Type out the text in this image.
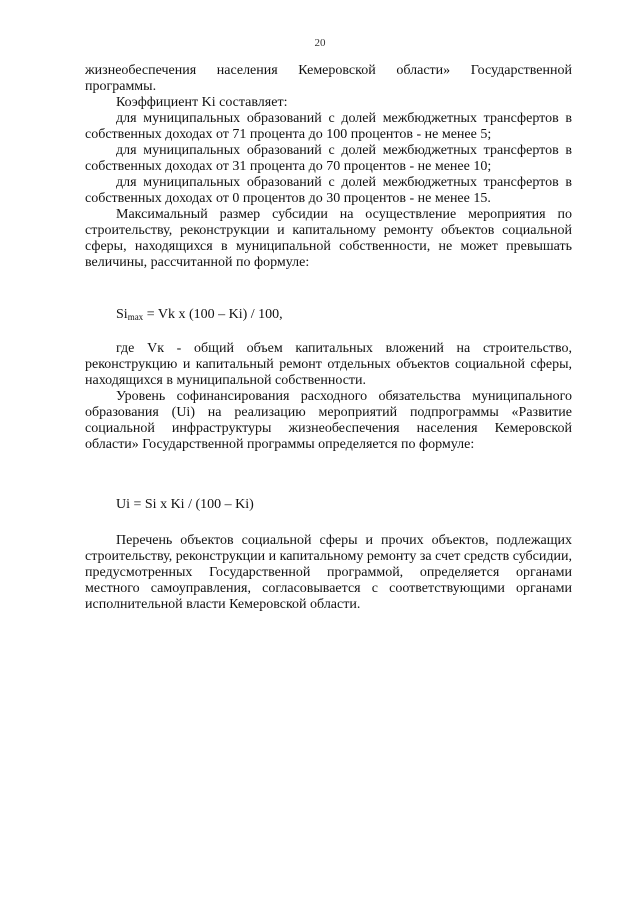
20

жизнеобеспечения населения Кемеровской области» Государственной программы.

Коэффициент Ki составляет:

для муниципальных образований с долей межбюджетных трансфертов в собственных доходах от 71 процента до 100 процентов - не менее 5;

для муниципальных образований с долей межбюджетных трансфертов в собственных доходах от 31 процента до 70 процентов - не менее 10;

для муниципальных образований с долей межбюджетных трансфертов в собственных доходах от 0 процентов до 30 процентов - не менее 15.

Максимальный размер субсидии на осуществление мероприятия по строительству, реконструкции и капитальному ремонту объектов социальной сферы, находящихся в муниципальной собственности, не может превышать величины, рассчитанной по формуле:

$Si_{max} = Vk$ x (100 – Ki) / 100,

где Vк - общий объем капитальных вложений на строительство, реконструкцию и капитальный ремонт отдельных объектов социальной сферы, находящихся в муниципальной собственности.

Уровень софинансирования расходного обязательства муниципального образования (Ui) на реализацию мероприятий подпрограммы «Развитие социальной инфраструктуры жизнеобеспечения населения Кемеровской области» Государственной программы определяется по формуле:

Ui = Si x Ki / (100 – Ki)

Перечень объектов социальной сферы и прочих объектов, подлежащих строительству, реконструкции и капитальному ремонту за счет средств субсидии, предусмотренных Государственной программой, определяется органами местного самоуправления, согласовывается с соответствующими органами исполнительной власти Кемеровской области.
